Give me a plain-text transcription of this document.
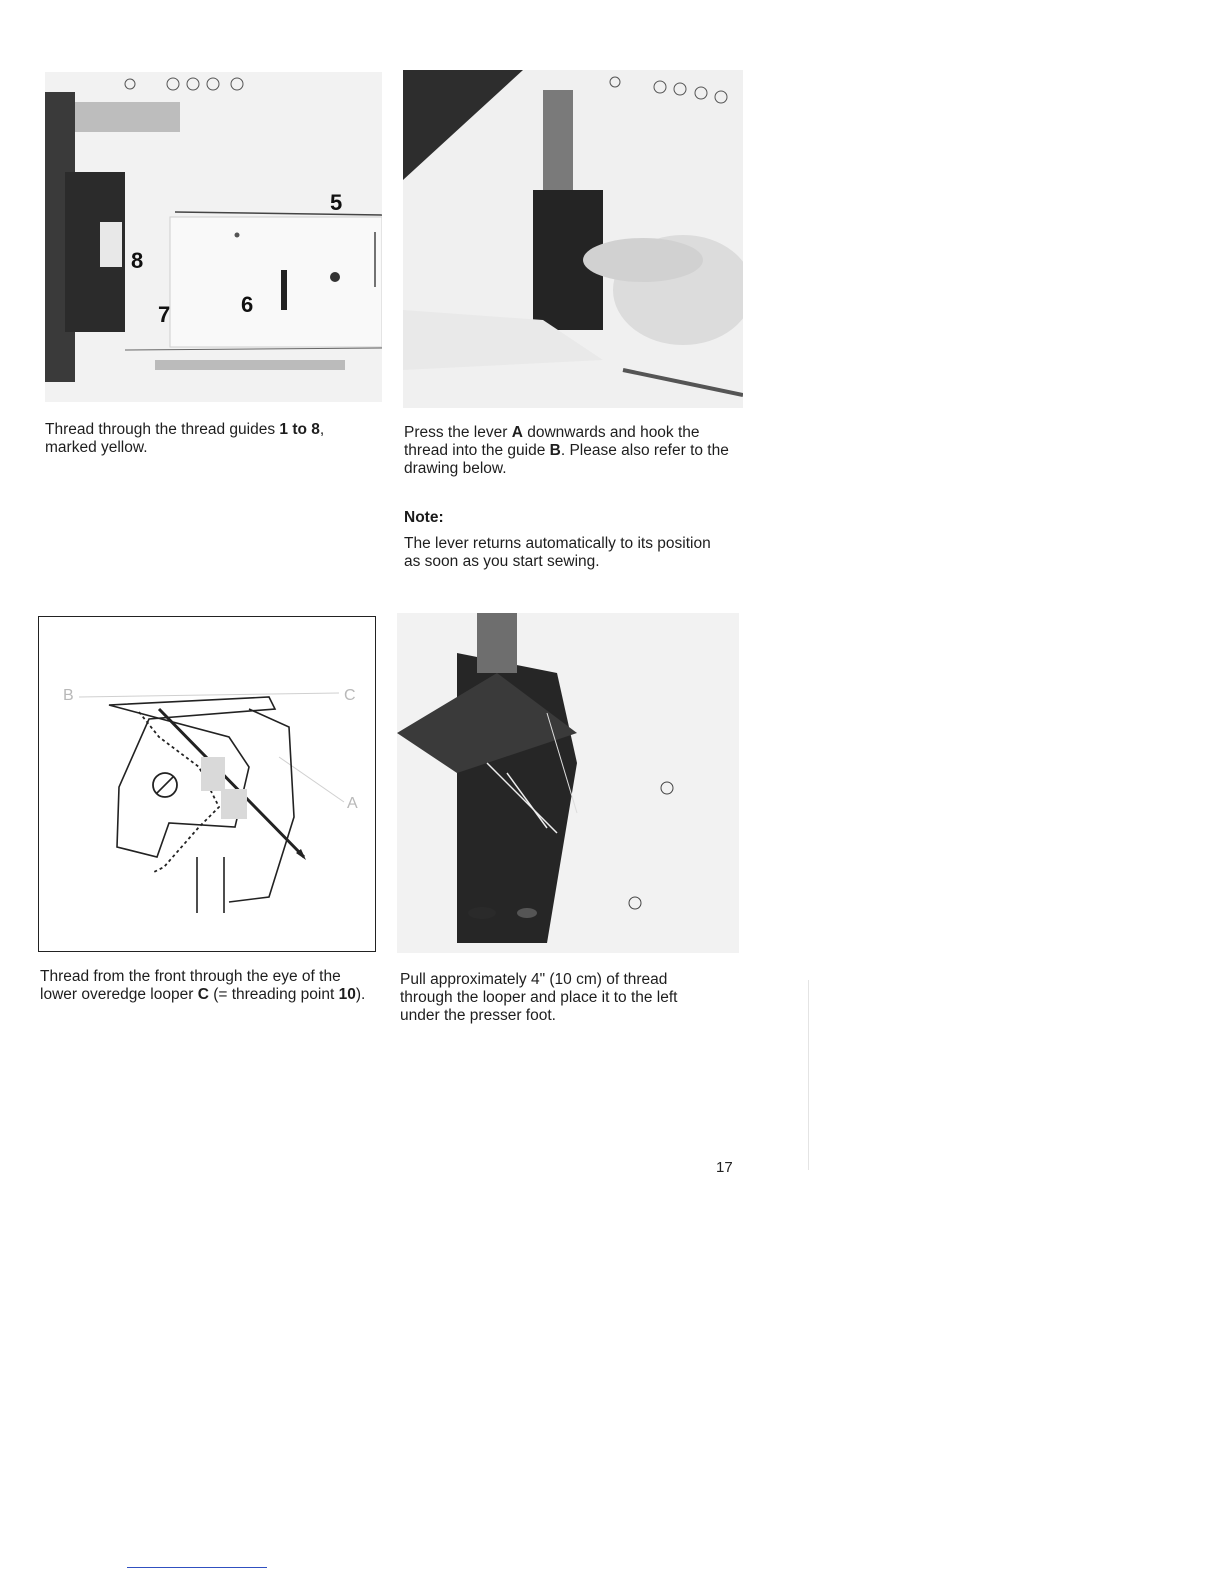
5
8
7	6

Thread through the thread guides 1 to 8, marked yellow.

Press the lever A downwards and hook the thread into the guide B. Please also refer to the drawing below.

Note:

The lever returns automatically to its position as soon as you start sewing.

B	C
A

Thread from the front through the eye of the lower overedge looper C (= threading point 10).

Pull approximately 4" (10 cm) of thread through the looper and place it to the left under the presser foot.

17
